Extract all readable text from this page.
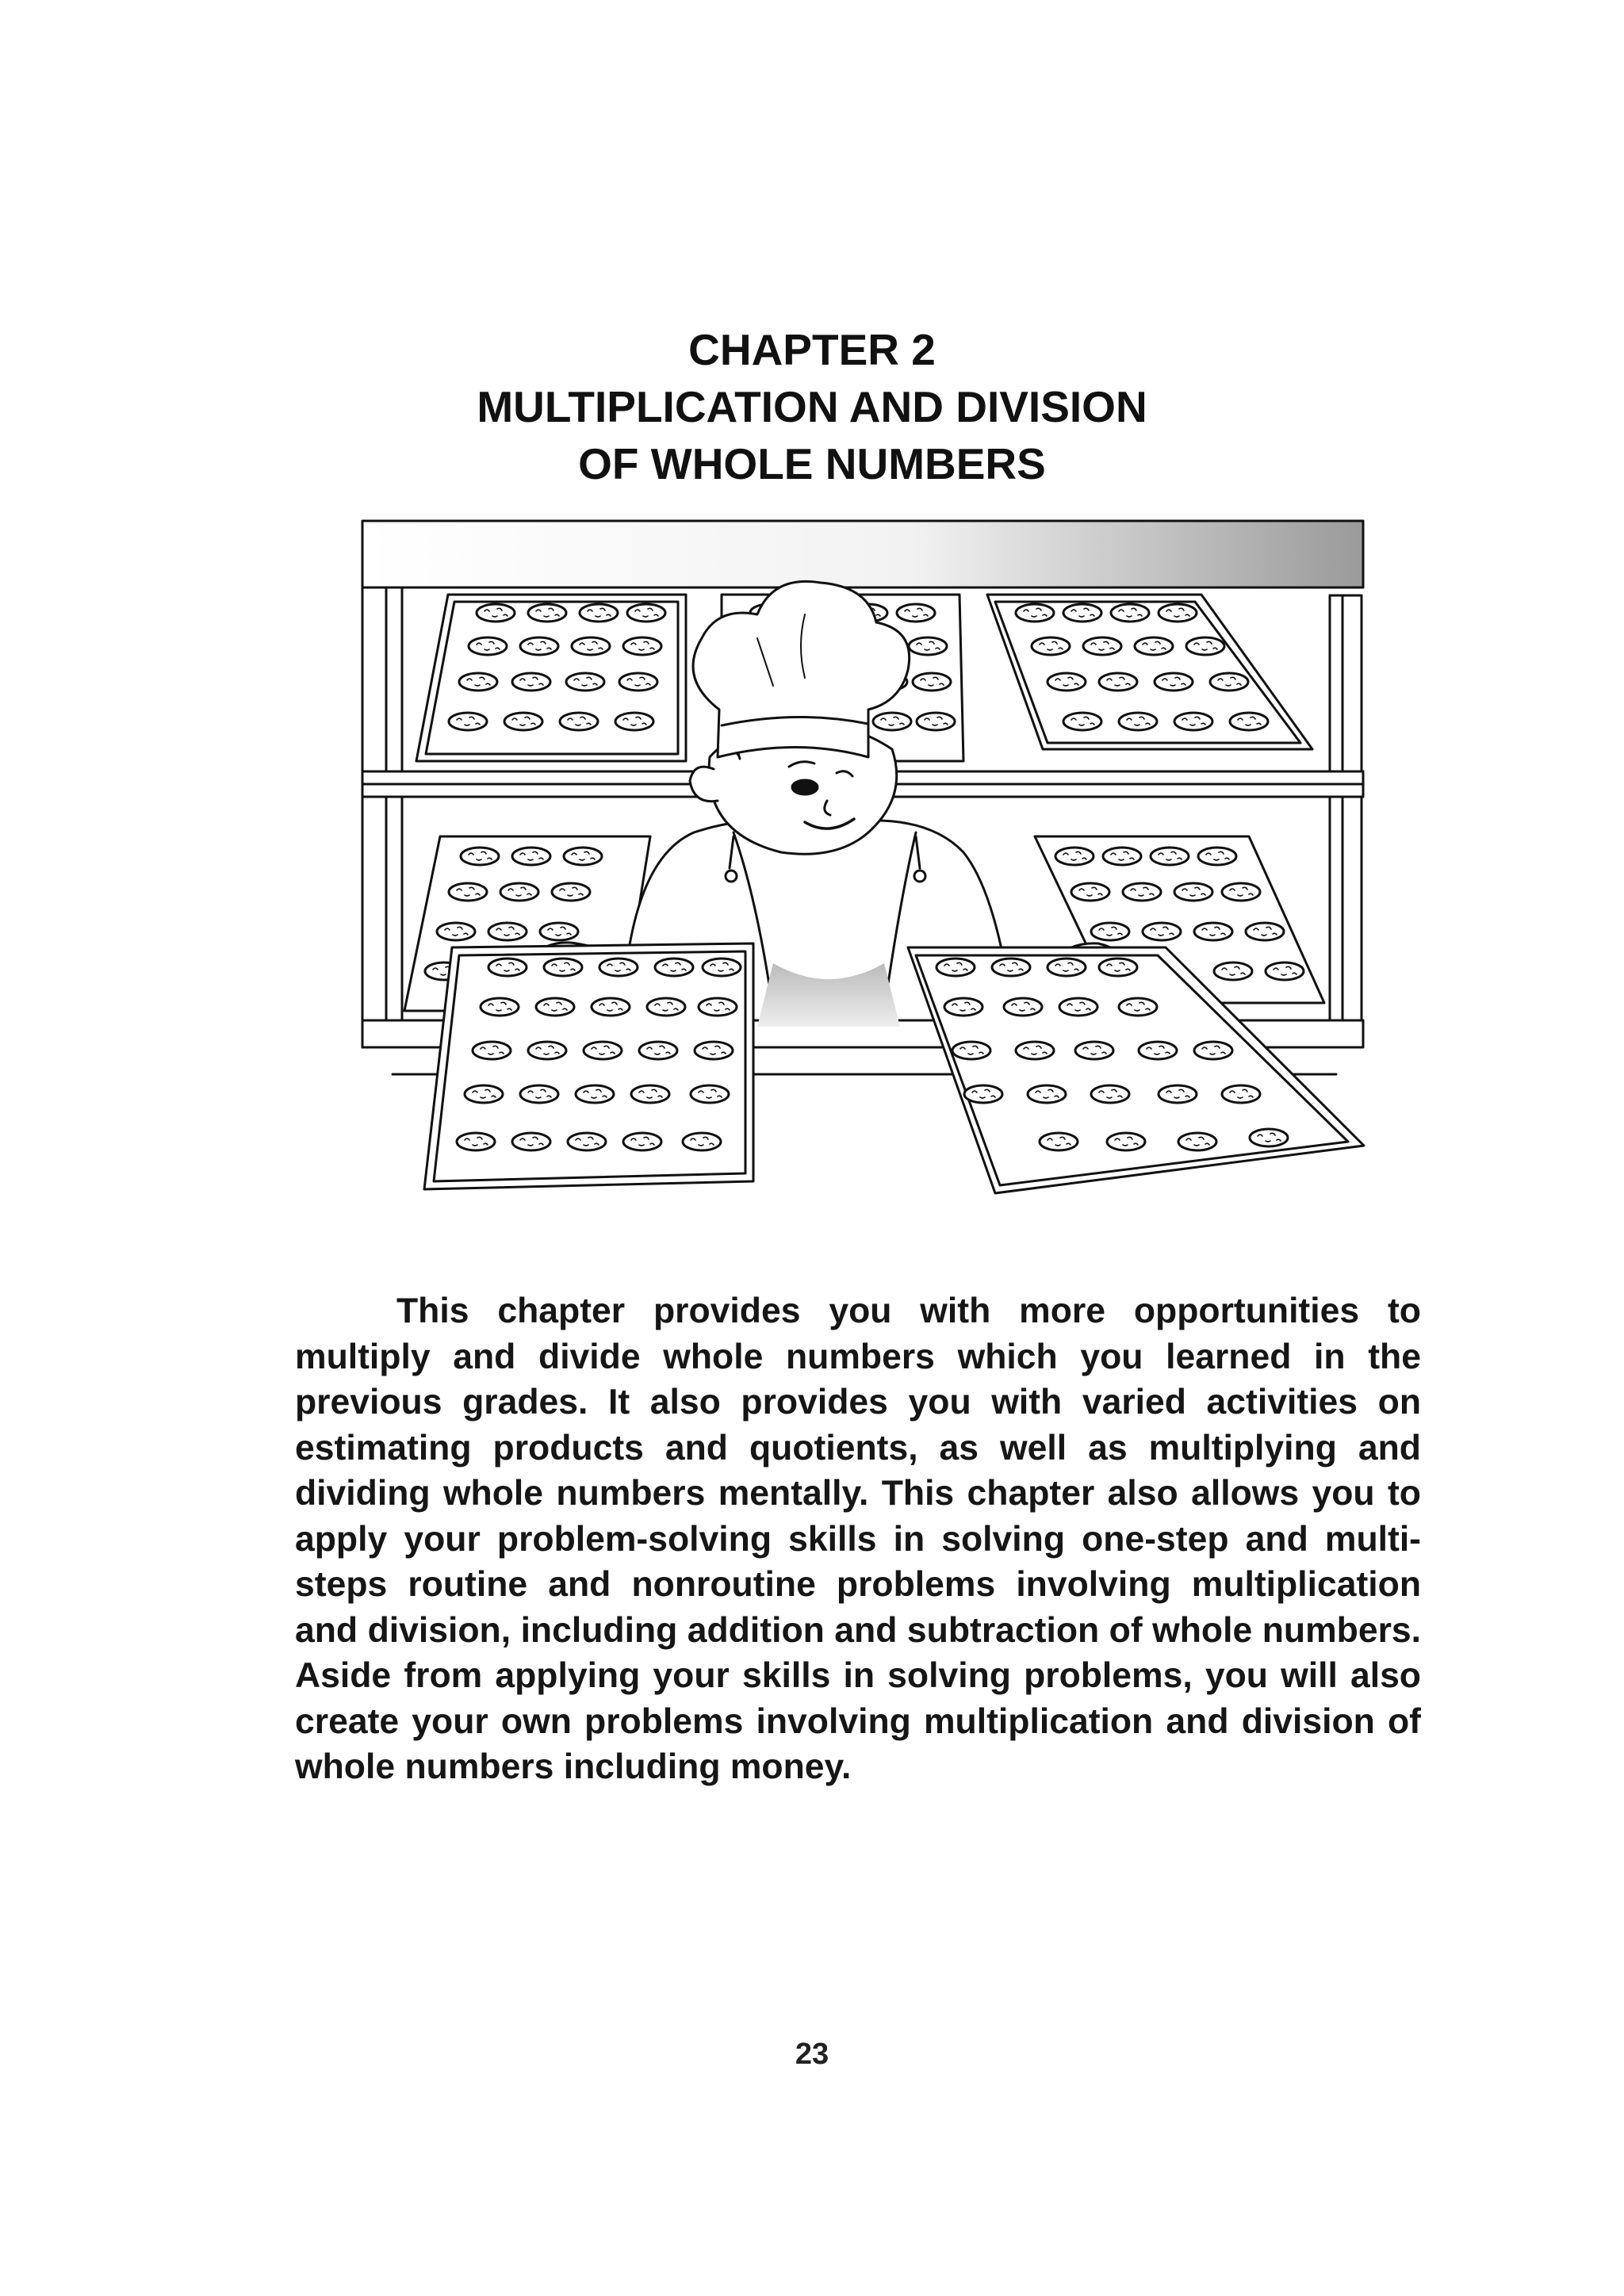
CHAPTER 2
MULTIPLICATION AND DIVISION
OF WHOLE NUMBERS

This chapter provides you with more opportunities to multiply and divide whole numbers which you learned in the previous grades. It also provides you with varied activities on estimating products and quotients, as well as multiplying and dividing whole numbers mentally. This chapter also allows you to apply your problem-solving skills in solving one-step and multi-steps routine and nonroutine problems involving multiplication and division, including addition and subtraction of whole numbers. Aside from applying your skills in solving problems, you will also create your own problems involving multiplication and division of whole numbers including money.

23
